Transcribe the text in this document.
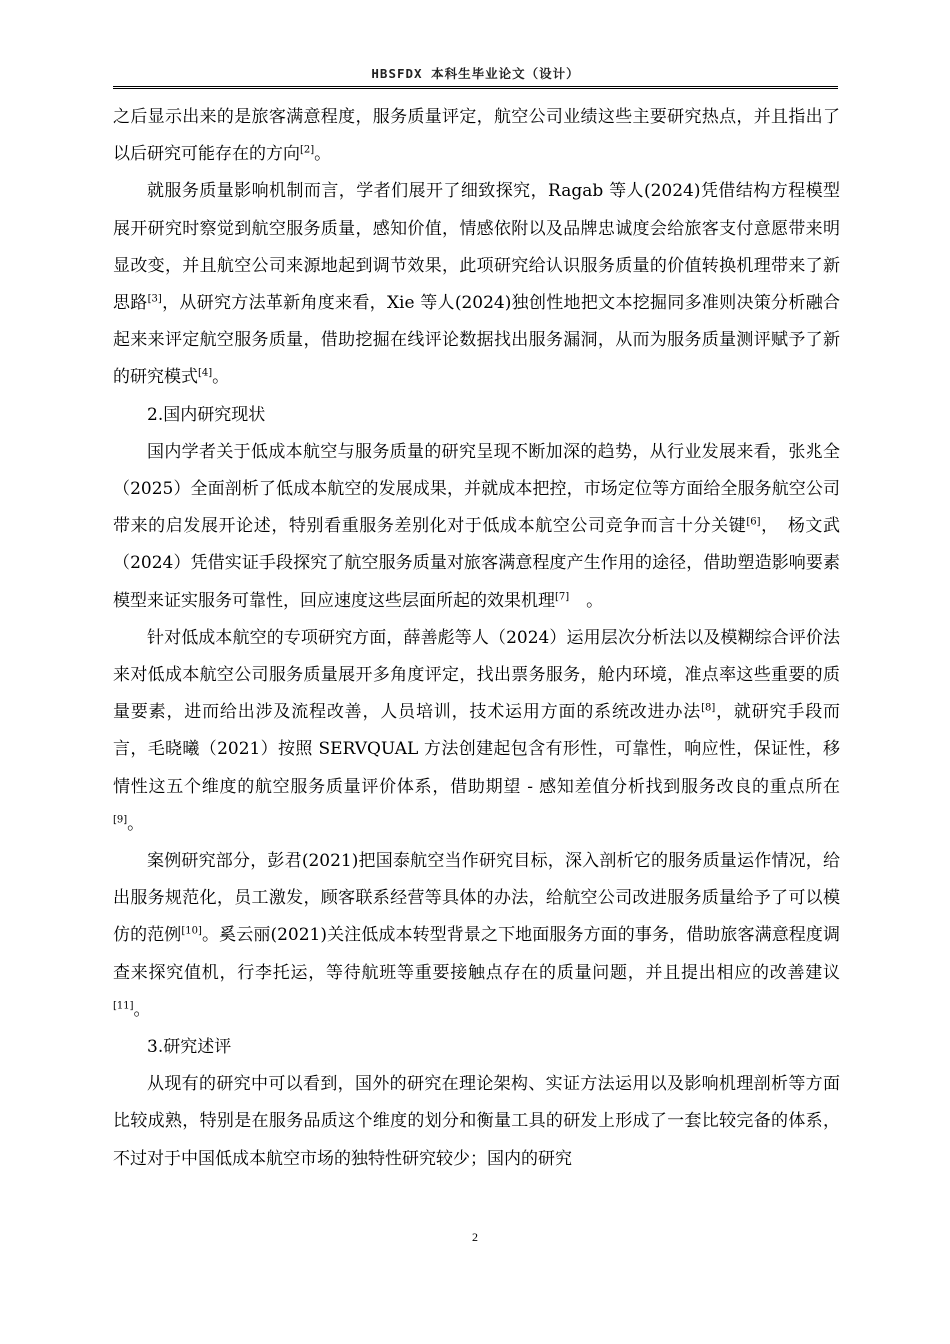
HBSFDX 本科生毕业论文（设计）

之后显示出来的是旅客满意程度，服务质量评定，航空公司业绩这些主要研究热点，并且指出了以后研究可能存在的方向[2]。

就服务质量影响机制而言，学者们展开了细致探究，Ragab 等人(2024)凭借结构方程模型展开研究时察觉到航空服务质量，感知价值，情感依附以及品牌忠诚度会给旅客支付意愿带来明显改变，并且航空公司来源地起到调节效果，此项研究给认识服务质量的价值转换机理带来了新思路[3]，从研究方法革新角度来看，Xie 等人(2024)独创性地把文本挖掘同多准则决策分析融合起来来评定航空服务质量，借助挖掘在线评论数据找出服务漏洞，从而为服务质量测评赋予了新的研究模式[4]。

2.国内研究现状

国内学者关于低成本航空与服务质量的研究呈现不断加深的趋势，从行业发展来看，张兆全（2025）全面剖析了低成本航空的发展成果，并就成本把控，市场定位等方面给全服务航空公司带来的启发展开论述，特别看重服务差别化对于低成本航空公司竞争而言十分关键[6]，　杨文武（2024）凭借实证手段探究了航空服务质量对旅客满意程度产生作用的途径，借助塑造影响要素模型来证实服务可靠性，回应速度这些层面所起的效果机理[7]　。

针对低成本航空的专项研究方面，薛善彪等人（2024）运用层次分析法以及模糊综合评价法来对低成本航空公司服务质量展开多角度评定，找出票务服务，舱内环境，准点率这些重要的质量要素，进而给出涉及流程改善，人员培训，技术运用方面的系统改进办法[8]，就研究手段而言，毛晓曦（2021）按照 SERVQUAL 方法创建起包含有形性，可靠性，响应性，保证性，移情性这五个维度的航空服务质量评价体系，借助期望 - 感知差值分析找到服务改良的重点所在[9]。

案例研究部分，彭君(2021)把国泰航空当作研究目标，深入剖析它的服务质量运作情况，给出服务规范化，员工激发，顾客联系经营等具体的办法，给航空公司改进服务质量给予了可以模仿的范例[10]。奚云丽(2021)关注低成本转型背景之下地面服务方面的事务，借助旅客满意程度调查来探究值机，行李托运，等待航班等重要接触点存在的质量问题，并且提出相应的改善建议[11]。

3.研究述评

从现有的研究中可以看到，国外的研究在理论架构、实证方法运用以及影响机理剖析等方面比较成熟，特别是在服务品质这个维度的划分和衡量工具的研发上形成了一套比较完备的体系，不过对于中国低成本航空市场的独特性研究较少；国内的研究

2
